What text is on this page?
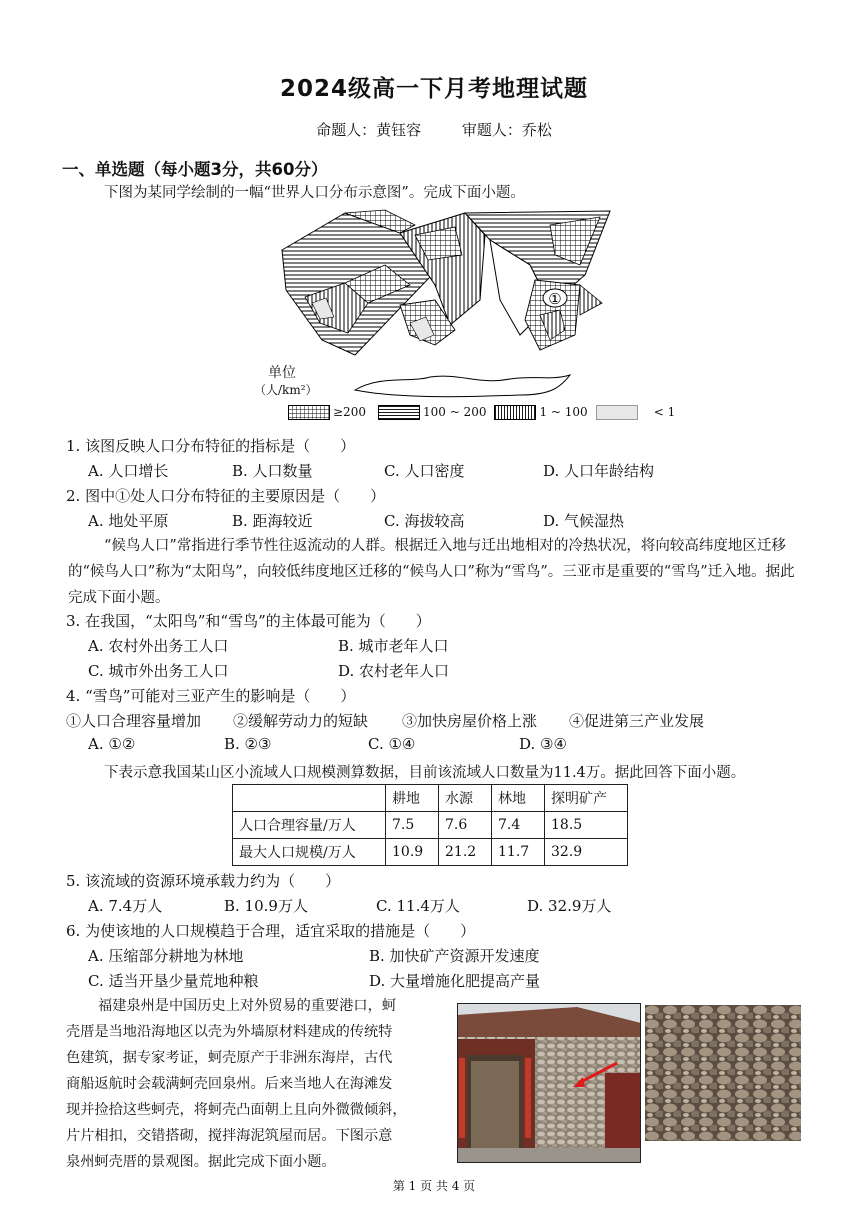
2024级高一下月考地理试题
命题人：黄钰容	审题人：乔松
一、单选题（每小题3分，共60分）
下图为某同学绘制的一幅“世界人口分布示意图”。完成下面小题。
①
单位
（人/km²）
≥200	100 ~ 200	1 ~ 100	< 1
1. 该图反映人口分布特征的指标是（　　）
A. 人口增长	B. 人口数量	C. 人口密度	D. 人口年龄结构
2. 图中①处人口分布特征的主要原因是（　　）
A. 地处平原	B. 距海较近	C. 海拔较高	D. 气候湿热
“候鸟人口”常指进行季节性往返流动的人群。根据迁入地与迁出地相对的冷热状况，将向较高纬度地区迁移的“候鸟人口”称为“太阳鸟”，向较低纬度地区迁移的“候鸟人口”称为“雪鸟”。三亚市是重要的“雪鸟”迁入地。据此完成下面小题。
3. 在我国，“太阳鸟”和“雪鸟”的主体最可能为（　　）
A. 农村外出务工人口	B. 城市老年人口
C. 城市外出务工人口	D. 农村老年人口
4. “雪鸟”可能对三亚产生的影响是（　　）
①人口合理容量增加 ②缓解劳动力的短缺 ③加快房屋价格上涨 ④促进第三产业发展
A. ①②	B. ②③	C. ①④	D. ③④
下表示意我国某山区小流域人口规模测算数据，目前该流域人口数量为11.4万。据此回答下面小题。
	耕地	水源	林地	探明矿产
人口合理容量/万人	7.5	7.6	7.4	18.5
最大人口规模/万人	10.9	21.2	11.7	32.9
5. 该流域的资源环境承载力约为（　　）
A. 7.4万人	B. 10.9万人	C. 11.4万人	D. 32.9万人
6. 为使该地的人口规模趋于合理，适宜采取的措施是（　　）
A. 压缩部分耕地为林地	B. 加快矿产资源开发速度
C. 适当开垦少量荒地种粮	D. 大量增施化肥提高产量
福建泉州是中国历史上对外贸易的重要港口，蚵
壳厝是当地沿海地区以壳为外墙原材料建成的传统特
色建筑，据专家考证，蚵壳原产于非洲东海岸，古代
商船返航时会载满蚵壳回泉州。后来当地人在海滩发
现并捡拾这些蚵壳，将蚵壳凸面朝上且向外微微倾斜，
片片相扣，交错搭砌，搅拌海泥筑屋而居。下图示意
泉州蚵壳厝的景观图。据此完成下面小题。
第 1 页 共 4 页
